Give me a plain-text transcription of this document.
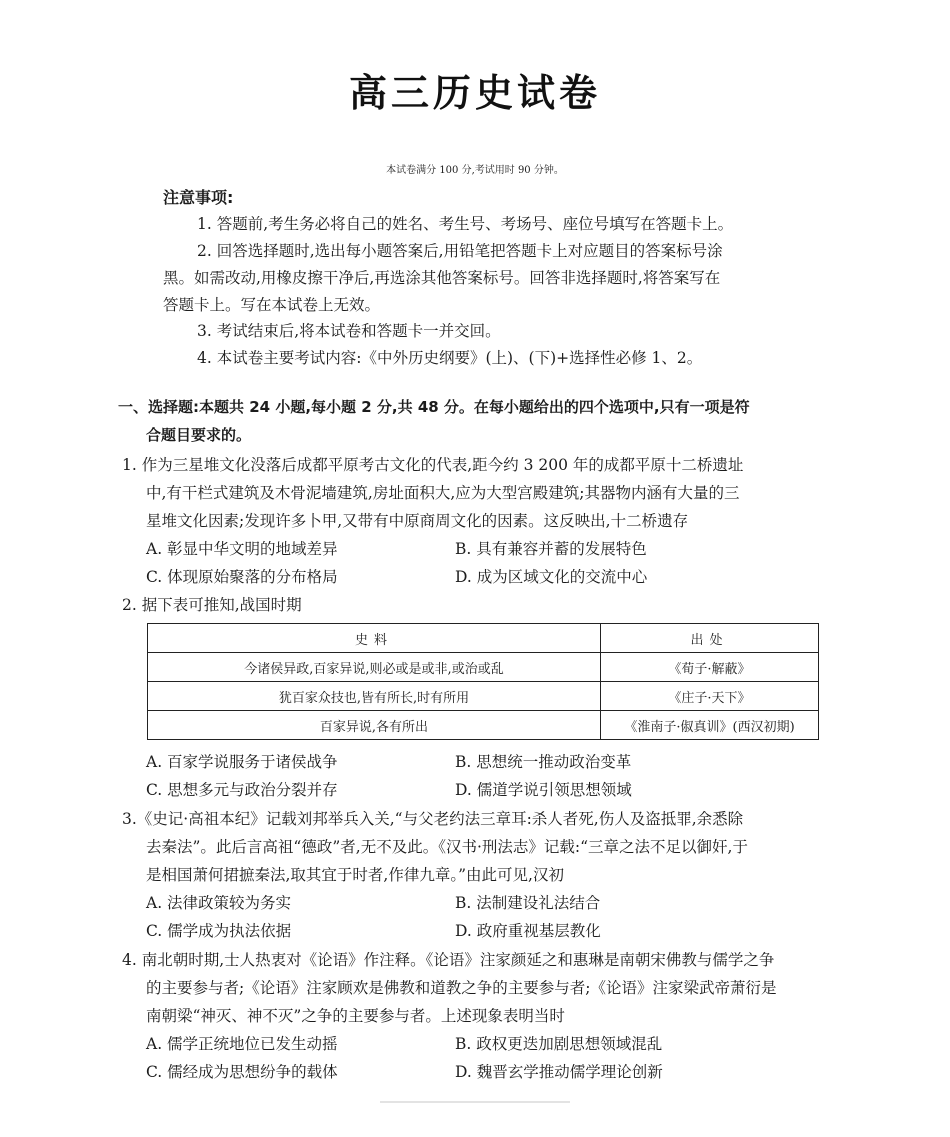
高三历史试卷
本试卷满分 100 分,考试用时 90 分钟。
注意事项:
1. 答题前,考生务必将自己的姓名、考生号、考场号、座位号填写在答题卡上。
2. 回答选择题时,选出每小题答案后,用铅笔把答题卡上对应题目的答案标号涂
黑。如需改动,用橡皮擦干净后,再选涂其他答案标号。回答非选择题时,将答案写在
答题卡上。写在本试卷上无效。
3. 考试结束后,将本试卷和答题卡一并交回。
4. 本试卷主要考试内容:《中外历史纲要》(上)、(下)+选择性必修 1、2。
一、选择题:本题共 24 小题,每小题 2 分,共 48 分。在每小题给出的四个选项中,只有一项是符
合题目要求的。
1. 作为三星堆文化没落后成都平原考古文化的代表,距今约 3 200 年的成都平原十二桥遗址
中,有干栏式建筑及木骨泥墙建筑,房址面积大,应为大型宫殿建筑;其器物内涵有大量的三
星堆文化因素;发现许多卜甲,又带有中原商周文化的因素。这反映出,十二桥遗存
A. 彰显中华文明的地域差异	B. 具有兼容并蓄的发展特色
C. 体现原始聚落的分布格局	D. 成为区域文化的交流中心
2. 据下表可推知,战国时期
史料	出处
今诸侯异政,百家异说,则必或是或非,或治或乱	《荀子·解蔽》
犹百家众技也,皆有所长,时有所用	《庄子·天下》
百家异说,各有所出	《淮南子·俶真训》(西汉初期)
A. 百家学说服务于诸侯战争	B. 思想统一推动政治变革
C. 思想多元与政治分裂并存	D. 儒道学说引领思想领域
3.《史记·高祖本纪》记载刘邦举兵入关,“与父老约法三章耳:杀人者死,伤人及盗抵罪,余悉除
去秦法”。此后言高祖“德政”者,无不及此。《汉书·刑法志》记载:“三章之法不足以御奸,于
是相国萧何捃摭秦法,取其宜于时者,作律九章。”由此可见,汉初
A. 法律政策较为务实	B. 法制建设礼法结合
C. 儒学成为执法依据	D. 政府重视基层教化
4. 南北朝时期,士人热衷对《论语》作注释。《论语》注家颜延之和惠琳是南朝宋佛教与儒学之争
的主要参与者;《论语》注家顾欢是佛教和道教之争的主要参与者;《论语》注家梁武帝萧衍是
南朝梁“神灭、神不灭”之争的主要参与者。上述现象表明当时
A. 儒学正统地位已发生动摇	B. 政权更迭加剧思想领域混乱
C. 儒经成为思想纷争的载体	D. 魏晋玄学推动儒学理论创新
